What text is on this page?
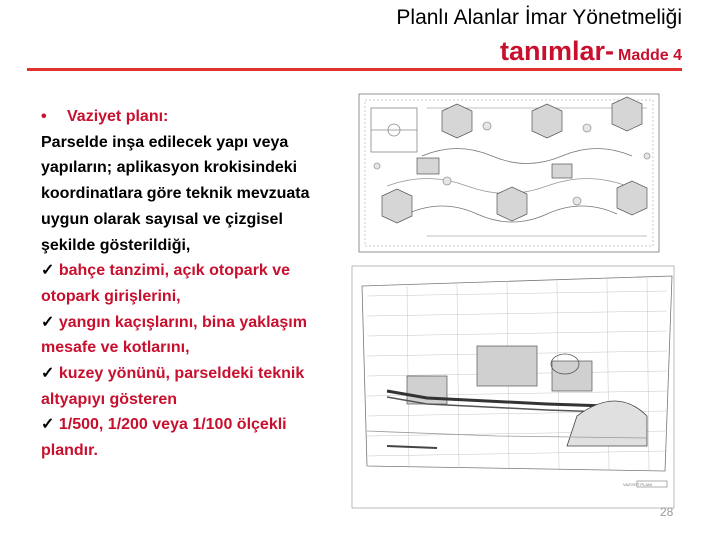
Planlı Alanlar İmar Yönetmeliği
tanımlar- Madde 4
• Vaziyet planı:
Parselde inşa edilecek yapı veya
yapıların; aplikasyon krokisindeki
koordinatlara göre teknik mevzuata
uygun olarak sayısal ve çizgisel
şekilde gösterildiği,
✓ bahçe tanzimi, açık otopark ve
otopark girişlerini,
✓ yangın kaçışlarını, bina yaklaşım
mesafe ve kotlarını,
✓ kuzey yönünü, parseldeki teknik
altyapıyı gösteren
✓ 1/500, 1/200 veya 1/100 ölçekli
plandır.
VAZIYET PLANI
28
